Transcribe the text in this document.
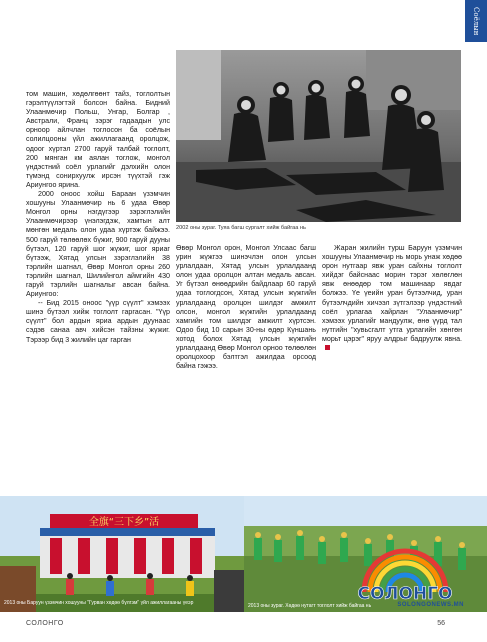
Соёлын
2002 оны зураг. Туяа багш сургалт хийж байгаа нь

том машин, хөдөлгөөнт тайз, тоглолтын гэрэлтүүлэгтэй болсон байна. Бидний Улаанмөчир Польш, Унгар, Болгар , Австрали, Франц зэрэг гадаадын улс орноор айлчлан тоглосон ба соёлын солилцооны үйл ажиллагаанд оролцож, одоог хүртэл 2700 гаруй талбай тоглолт, 200 мянган км аялан тоглож, монгол үндэстний соёл урлагийг дэлхийн олон түмэнд сонирхуулж ирсэн түүхтэй гэж Ариунгоо ярина.

2000 оноос хойш Бараан үзэмчин хошууны Улаанмөчир нь 6 удаа Өвөр Монгол орны нэгдүгээр зэрэглэлийн Улаанмөчирээр үнэлэгдэж, хамтын алт мөнгөн медаль олон удаа хүртэж байжээ. 500 гаруй төлөөлөх бүжиг, 900 гаруй дууны бүтээл, 120 гаруй шог жүжиг, шог яриаг бүтээж, Хятад улсын зэрэглэлийн 38 тэрлийн шагнал, Өвөр Монгол орны 260 тэрлийн шагнал, Шилийнгол аймгийн 430 гаруй тэрлийн шагналыг авсан байна. Ариунгоо:

-- Бид 2015 оноос "үүр сүүлт" хэмээх шинэ бүтээл хийж тоглолт гаргасан. "Үүр сүүлт" бол ардын яриа ардын дуунаас сэдэв санаа авч хийсэн тайзны жүжиг. Тэрээр бид 3 жилийн цаг гарган

Өвөр Монгол орон, Монгол Улсаас багш урин жүжгээ шинэчлэн олон улсын урлалдаан, Хятад улсын урлалдаанд олон удаа оролцон алтан медаль авсан. Уг бүтээл өнөөдрийн байдлаар 60 гаруй удаа тоглогдсон, Хятад улсын жүжгийн урлалдаанд оролцон шилдэг амжилт олсон, монгол жүжгийн урлалдаанд хамгийн том шилдэг амжилт хүртсэн. Одоо бид 10 сарын 30-ны өдөр Күншань хотод болох Хятад улсын жүжгийн урлалдаанд Өвөр Монгол орноо төлөөлөн оролцохоор бэлтгэл ажилдаа орсоод байна гэжээ.

Жаран жилийн турш Баруун үзэмчин хошууны Улаанмөчир нь морь унаж хөдөө орон нутгаар явж уран сайхны тоглолт хийдэг байснаас морин тэрэг хөлөглөн явж өнөөдөр том машинаар явдаг болжээ. Үе үеийн уран бүтээлчид, уран бүтээлчдийн хичээл зүтгэлээр үндэстний соёл урлагаа хайрлан "Улаанмөчир" хэмээх урлагийг мандуулж, өнө үүрд тал нутгийн "хувьсгалт утга урлагийн хөнгөн морьт цэрэг" яруу алдрыг бадруулж явна.

全旗“三下乡”活
2013 оны Баруун үзэмчин хошууны "Гурван хөдөө бүлгэм" үйл ажиллагааны үеэр	2013 оны зураг. Хөдөө нутагт тоглолт хийж байгаа нь
СОЛОНГО
SOLONGONEWS.MN
СОЛОНГО	56
